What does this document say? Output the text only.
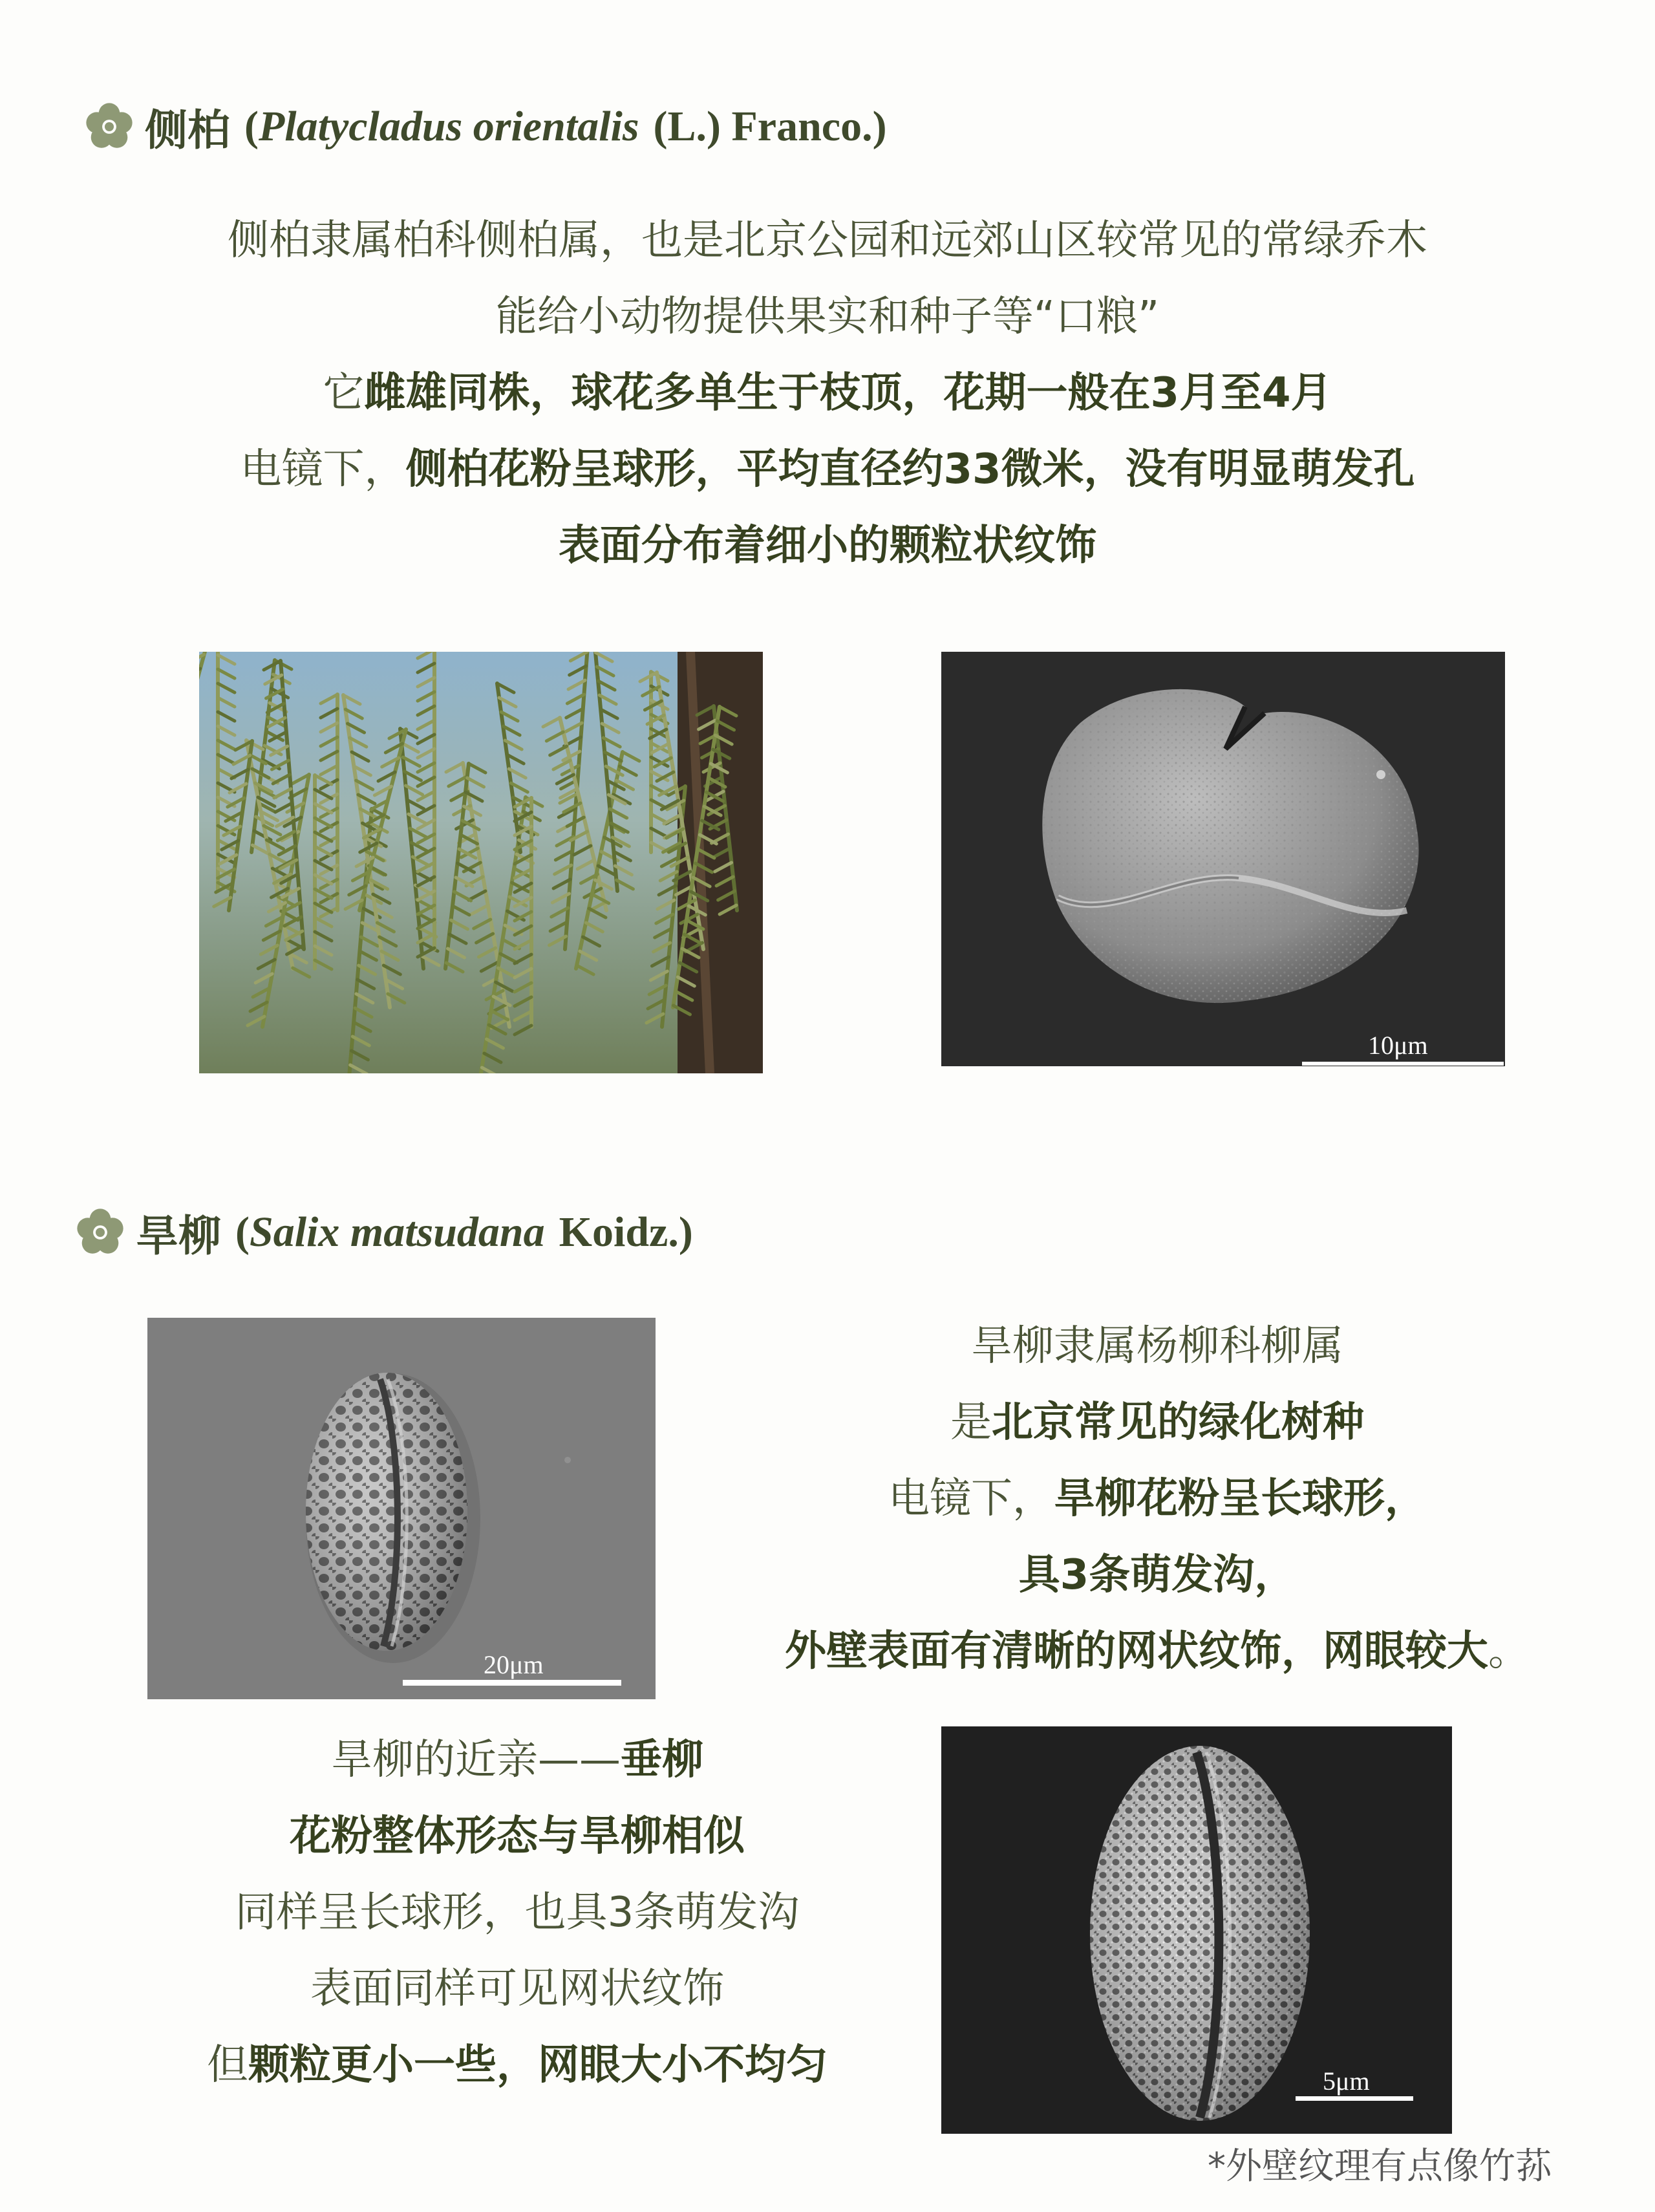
侧柏 ( Platycladus orientalis (L.) Franco.)
侧柏隶属柏科侧柏属，也是北京公园和远郊山区较常见的常绿乔木
能给小动物提供果实和种子等“口粮”
它雌雄同株，球花多单生于枝顶，花期一般在3月至4月
电镜下，侧柏花粉呈球形，平均直径约33微米，没有明显萌发孔
表面分布着细小的颗粒状纹饰
10μm
旱柳 ( Salix matsudana Koidz.)
20μm
旱柳隶属杨柳科柳属
是北京常见的绿化树种
电镜下，旱柳花粉呈长球形，
具3条萌发沟，
外壁表面有清晰的网状纹饰，网眼较大。
旱柳的近亲——垂柳
花粉整体形态与旱柳相似
同样呈长球形，也具3条萌发沟
表面同样可见网状纹饰
但颗粒更小一些，网眼大小不均匀	5μm
*外壁纹理有点像竹荪
